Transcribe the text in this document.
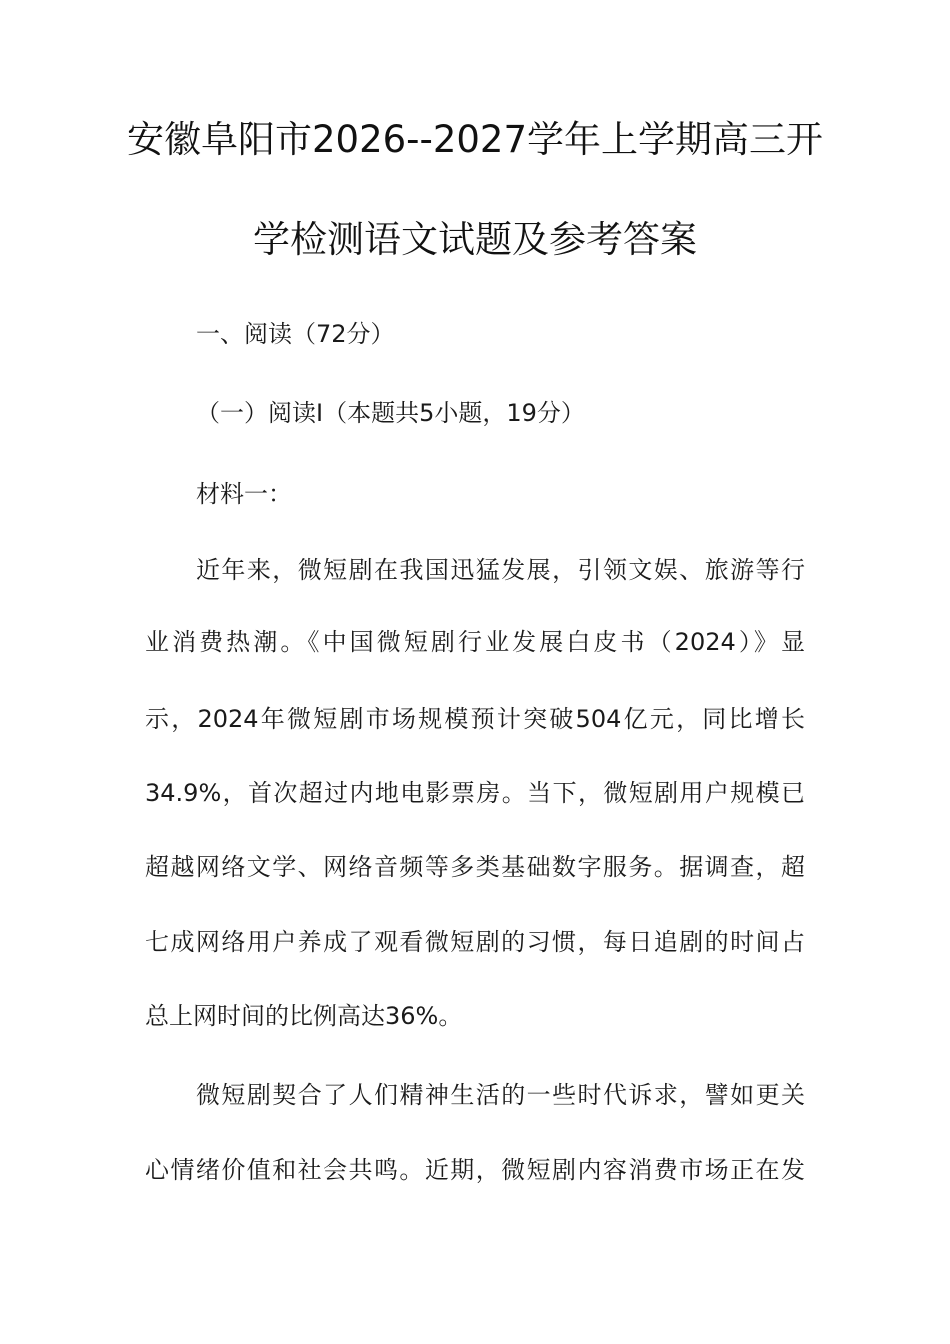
安徽阜阳市2026--2027学年上学期高三开
学检测语文试题及参考答案
一、阅读（72分）
（一）阅读I（本题共5小题，19分）
材料一：
近年来，微短剧在我国迅猛发展，引领文娱、旅游等行
业消费热潮。《中国微短剧行业发展白皮书（2024）》显
示，2024年微短剧市场规模预计突破504亿元，同比增长
34.9%，首次超过内地电影票房。当下，微短剧用户规模已
超越网络文学、网络音频等多类基础数字服务。据调查，超
七成网络用户养成了观看微短剧的习惯，每日追剧的时间占
总上网时间的比例高达36%。
微短剧契合了人们精神生活的一些时代诉求，譬如更关
心情绪价值和社会共鸣。近期，微短剧内容消费市场正在发
